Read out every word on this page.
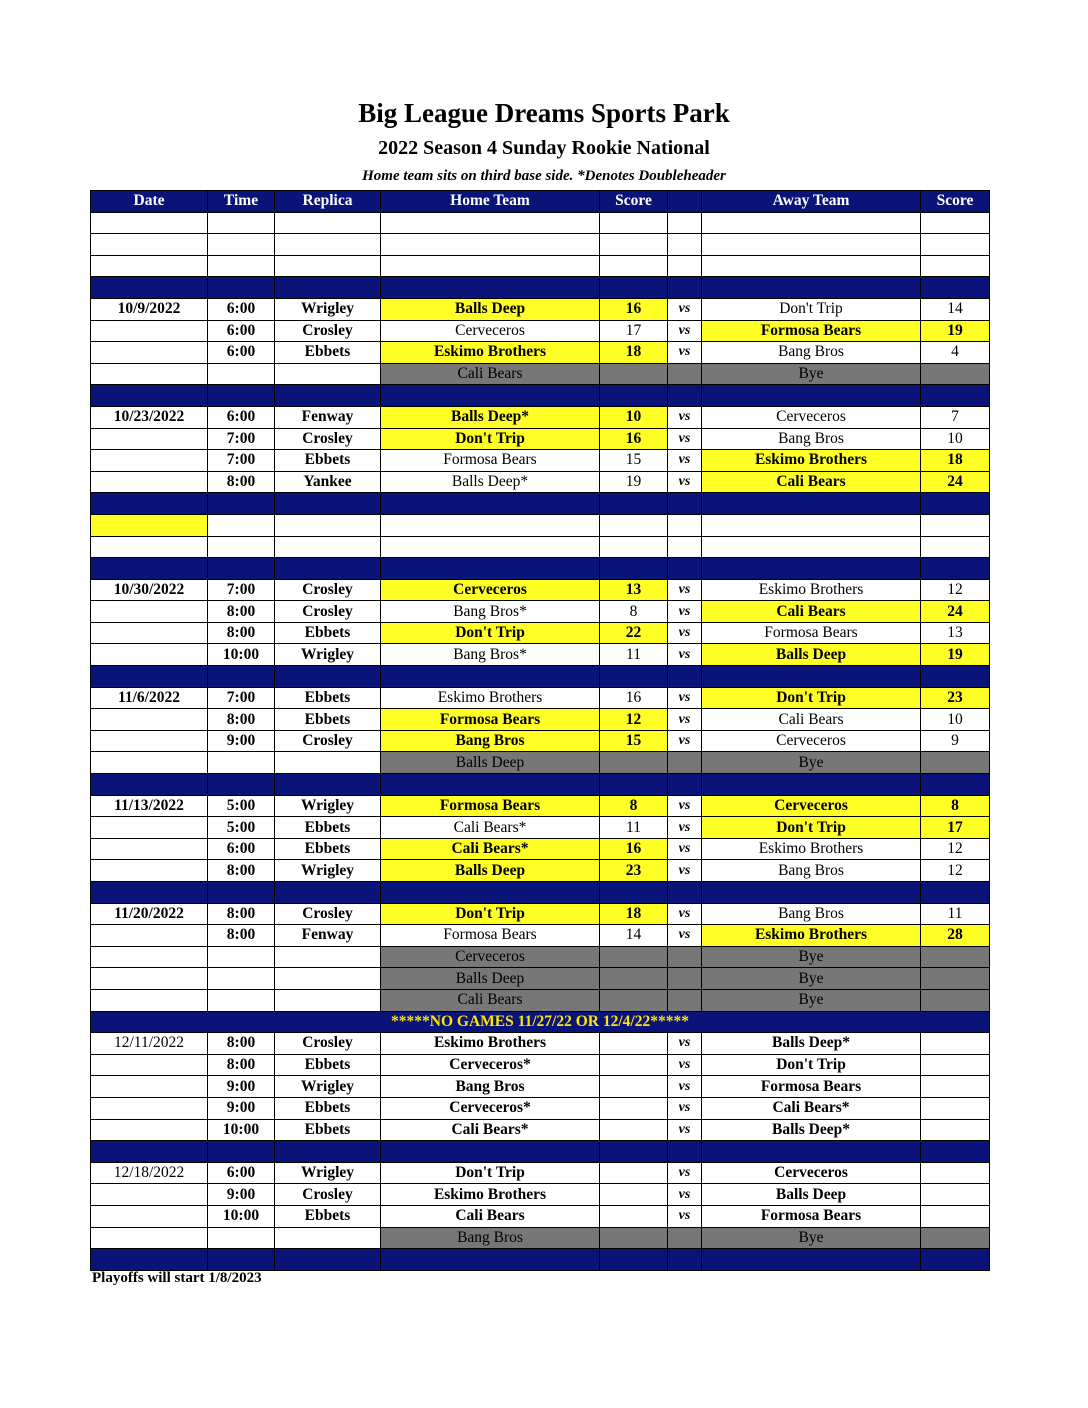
Big League Dreams Sports Park
2022 Season 4 Sunday Rookie National
Home team sits on third base side. *Denotes Doubleheader
Date	Time	Replica	Home Team	Score		Away Team	Score

10/9/2022	6:00	Wrigley	Balls Deep	16	vs	Don't Trip	14
	6:00	Crosley	Cerveceros	17	vs	Formosa Bears	19
	6:00	Ebbets	Eskimo Brothers	18	vs	Bang Bros	4
			Cali Bears			Bye	

10/23/2022	6:00	Fenway	Balls Deep*	10	vs	Cerveceros	7
	7:00	Crosley	Don't Trip	16	vs	Bang Bros	10
	7:00	Ebbets	Formosa Bears	15	vs	Eskimo Brothers	18
	8:00	Yankee	Balls Deep*	19	vs	Cali Bears	24

10/30/2022	7:00	Crosley	Cerveceros	13	vs	Eskimo Brothers	12
	8:00	Crosley	Bang Bros*	8	vs	Cali Bears	24
	8:00	Ebbets	Don't Trip	22	vs	Formosa Bears	13
	10:00	Wrigley	Bang Bros*	11	vs	Balls Deep	19

11/6/2022	7:00	Ebbets	Eskimo Brothers	16	vs	Don't Trip	23
	8:00	Ebbets	Formosa Bears	12	vs	Cali Bears	10
	9:00	Crosley	Bang Bros	15	vs	Cerveceros	9
			Balls Deep			Bye	

11/13/2022	5:00	Wrigley	Formosa Bears	8	vs	Cerveceros	8
	5:00	Ebbets	Cali Bears*	11	vs	Don't Trip	17
	6:00	Ebbets	Cali Bears*	16	vs	Eskimo Brothers	12
	8:00	Wrigley	Balls Deep	23	vs	Bang Bros	12

11/20/2022	8:00	Crosley	Don't Trip	18	vs	Bang Bros	11
	8:00	Fenway	Formosa Bears	14	vs	Eskimo Brothers	28
			Cerveceros			Bye	
			Balls Deep			Bye	
			Cali Bears			Bye	
*****NO GAMES 11/27/22 OR 12/4/22*****							
12/11/2022	8:00	Crosley	Eskimo Brothers		vs	Balls Deep*	
	8:00	Ebbets	Cerveceros*		vs	Don't Trip	
	9:00	Wrigley	Bang Bros		vs	Formosa Bears	
	9:00	Ebbets	Cerveceros*		vs	Cali Bears*	
	10:00	Ebbets	Cali Bears*		vs	Balls Deep*	

12/18/2022	6:00	Wrigley	Don't Trip		vs	Cerveceros	
	9:00	Crosley	Eskimo Brothers		vs	Balls Deep	
	10:00	Ebbets	Cali Bears		vs	Formosa Bears	
			Bang Bros			Bye	

Playoffs will start 1/8/2023
